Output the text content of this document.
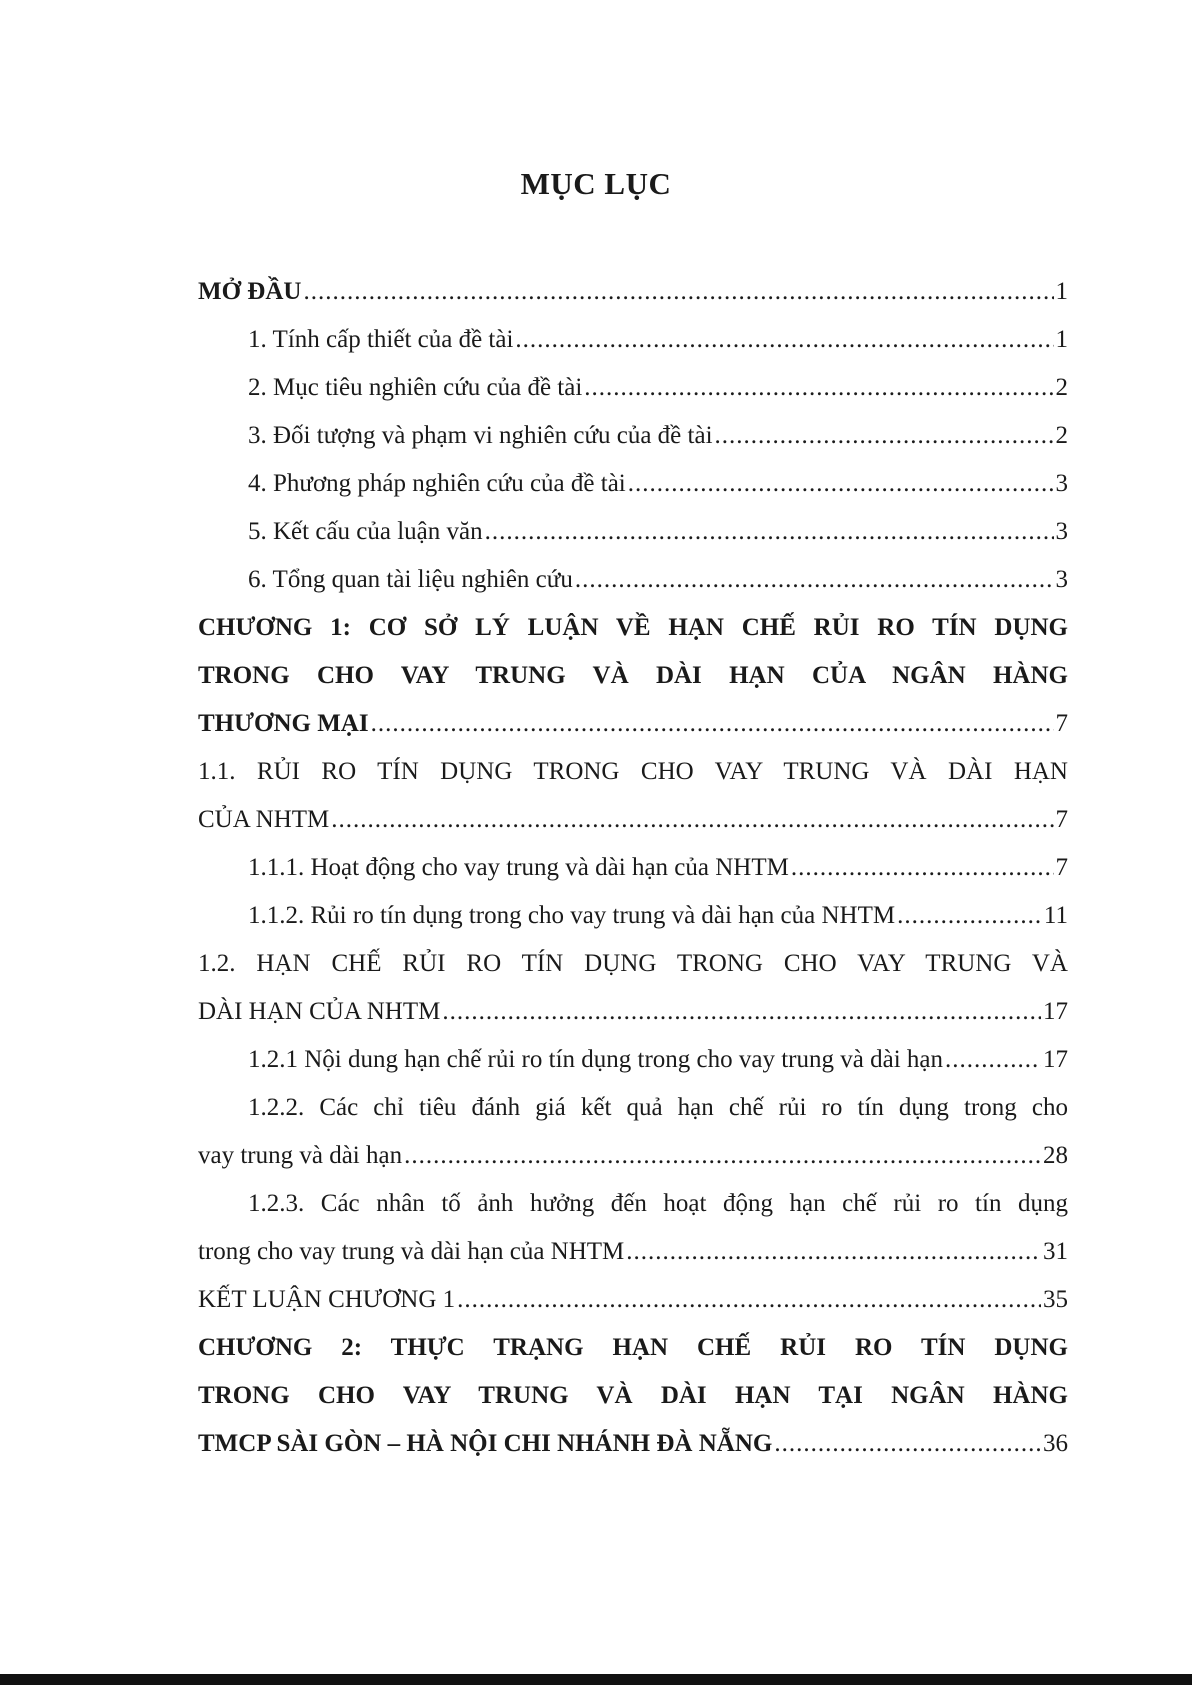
MỤC LỤC
MỞ ĐẦU .....	1
1. Tính cấp thiết của đề tài .....	1
2. Mục tiêu nghiên cứu của đề tài .....	2
3. Đối tượng và phạm vi nghiên cứu của đề tài .....	2
4. Phương pháp nghiên cứu của đề tài .....	3
5. Kết cấu của luận văn .....	3
6. Tổng quan tài liệu nghiên cứu .....	3
CHƯƠNG 1: CƠ SỞ LÝ LUẬN VỀ HẠN CHẾ RỦI RO TÍN DỤNG
TRONG CHO VAY TRUNG VÀ DÀI HẠN CỦA NGÂN HÀNG
THƯƠNG MẠI .....	7
1.1. RỦI RO TÍN DỤNG TRONG CHO VAY TRUNG VÀ DÀI HẠN
CỦA NHTM .....	7
1.1.1. Hoạt động cho vay trung và dài hạn của NHTM .....	7
1.1.2. Rủi ro tín dụng trong cho vay trung và dài hạn của NHTM .....	11
1.2. HẠN CHẾ RỦI RO TÍN DỤNG TRONG CHO VAY TRUNG VÀ
DÀI HẠN CỦA NHTM .....	17
1.2.1 Nội dung hạn chế rủi ro tín dụng trong cho vay trung và dài hạn .....	17
1.2.2. Các chỉ tiêu đánh giá kết quả hạn chế rủi ro tín dụng trong cho
vay trung và dài hạn .....	28
1.2.3. Các nhân tố ảnh hưởng đến hoạt động hạn chế rủi ro tín dụng
trong cho vay trung và dài hạn của NHTM .....	31
KẾT LUẬN CHƯƠNG 1 .....	35
CHƯƠNG 2: THỰC TRẠNG HẠN CHẾ RỦI RO TÍN DỤNG
TRONG CHO VAY TRUNG VÀ DÀI HẠN TẠI NGÂN HÀNG
TMCP SÀI GÒN – HÀ NỘI CHI NHÁNH ĐÀ NẴNG .....	36
